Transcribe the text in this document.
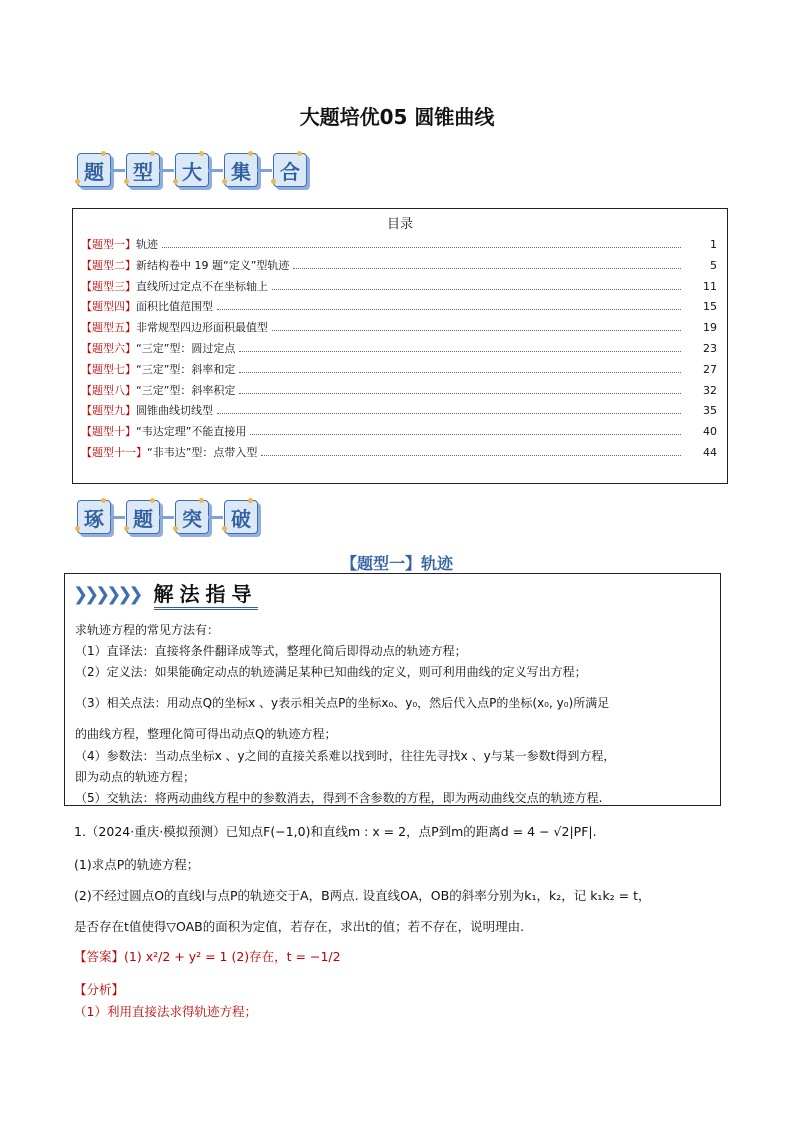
大题培优05 圆锥曲线
题 型 大 集 合
目录
【题型一】 轨迹	1
【题型二】 新结构卷中 19 题“定义”型轨迹	5
【题型三】 直线所过定点不在坐标轴上	11
【题型四】 面积比值范围型	15
【题型五】 非常规型四边形面积最值型	19
【题型六】 “三定”型：圆过定点	23
【题型七】 “三定”型：斜率和定	27
【题型八】 “三定”型：斜率积定	32
【题型九】 圆锥曲线切线型	35
【题型十】 “韦达定理”不能直接用	40
【题型十一】 “非韦达”型：点带入型	44
琢 题 突 破
【题型一】轨迹
❯❯❯❯❯❯ 解法指导
求轨迹方程的常见方法有：
（1）直译法：直接将条件翻译成等式，整理化简后即得动点的轨迹方程；
（2）定义法：如果能确定动点的轨迹满足某种已知曲线的定义，则可利用曲线的定义写出方程；
（3）相关点法：用动点Q的坐标x 、y表示相关点P的坐标x₀、y₀，然后代入点P的坐标(x₀, y₀)所满足
的曲线方程，整理化简可得出动点Q的轨迹方程；
（4）参数法：当动点坐标x 、y之间的直接关系难以找到时，往往先寻找x 、y与某一参数t得到方程，
即为动点的轨迹方程；
（5）交轨法：将两动曲线方程中的参数消去，得到不含参数的方程，即为两动曲线交点的轨迹方程.
1.（2024·重庆·模拟预测）已知点F(−1,0)和直线m : x = 2，点P到m的距离d = 4 − √2|PF|.
(1)求点P的轨迹方程；
(2)不经过圆点O的直线l与点P的轨迹交于A，B两点. 设直线OA，OB的斜率分别为k₁，k₂，记 k₁k₂ = t，
是否存在t值使得▽OAB的面积为定值，若存在，求出t的值；若不存在，说明理由.
【答案】(1) x²/2 + y² = 1 (2)存在，t = −1/2
【分析】
（1）利用直接法求得轨迹方程；
